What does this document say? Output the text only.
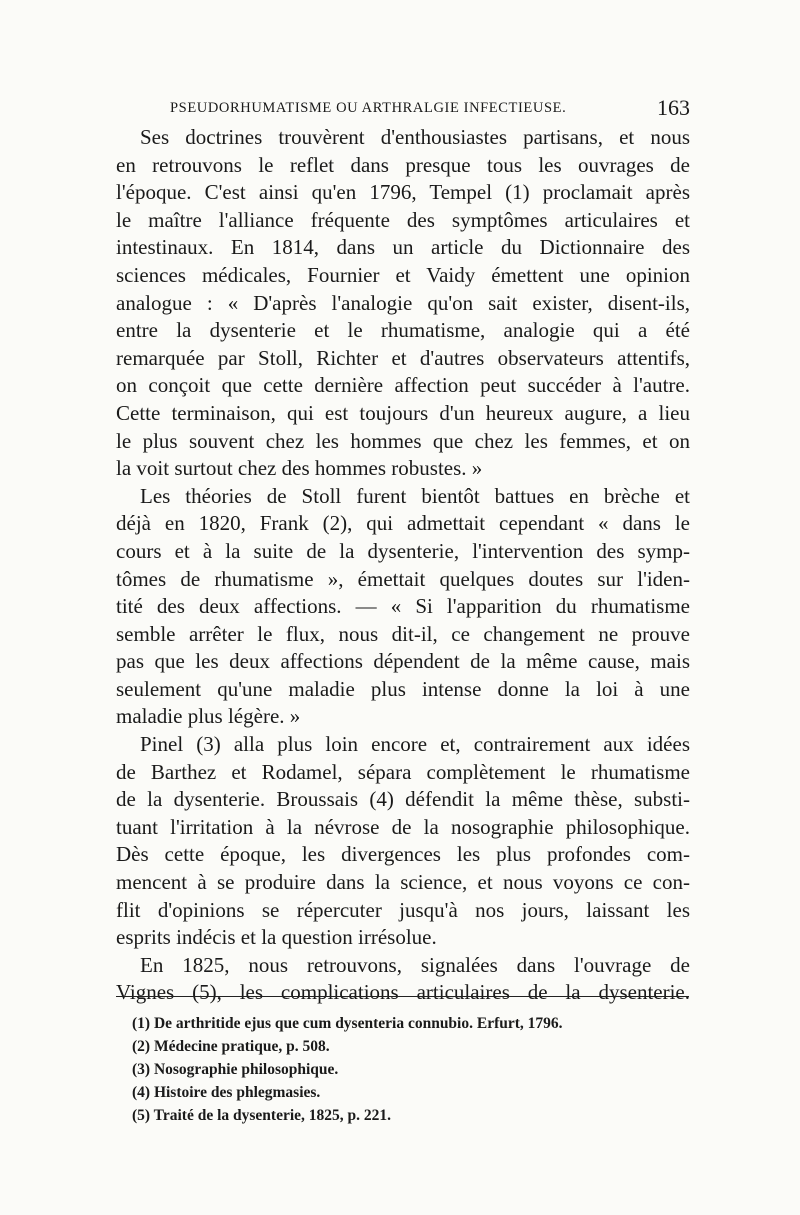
PSEUDORHUMATISME OU ARTHRALGIE INFECTIEUSE.	163
Ses doctrines trouvèrent d'enthousiastes partisans, et nous
en retrouvons le reflet dans presque tous les ouvrages de
l'époque. C'est ainsi qu'en 1796, Tempel (1) proclamait après
le maître l'alliance fréquente des symptômes articulaires et
intestinaux. En 1814, dans un article du Dictionnaire des
sciences médicales, Fournier et Vaidy émettent une opinion
analogue : « D'après l'analogie qu'on sait exister, disent-ils,
entre la dysenterie et le rhumatisme, analogie qui a été
remarquée par Stoll, Richter et d'autres observateurs attentifs,
on conçoit que cette dernière affection peut succéder à l'autre.
Cette terminaison, qui est toujours d'un heureux augure, a lieu
le plus souvent chez les hommes que chez les femmes, et on
la voit surtout chez des hommes robustes. »
Les théories de Stoll furent bientôt battues en brèche et
déjà en 1820, Frank (2), qui admettait cependant « dans le
cours et à la suite de la dysenterie, l'intervention des symp-
tômes de rhumatisme », émettait quelques doutes sur l'iden-
tité des deux affections. — « Si l'apparition du rhumatisme
semble arrêter le flux, nous dit-il, ce changement ne prouve
pas que les deux affections dépendent de la même cause, mais
seulement qu'une maladie plus intense donne la loi à une
maladie plus légère. »
Pinel (3) alla plus loin encore et, contrairement aux idées
de Barthez et Rodamel, sépara complètement le rhumatisme
de la dysenterie. Broussais (4) défendit la même thèse, substi-
tuant l'irritation à la névrose de la nosographie philosophique.
Dès cette époque, les divergences les plus profondes com-
mencent à se produire dans la science, et nous voyons ce con-
flit d'opinions se répercuter jusqu'à nos jours, laissant les
esprits indécis et la question irrésolue.
En 1825, nous retrouvons, signalées dans l'ouvrage de
Vignes (5), les complications articulaires de la dysenterie.
(1) De arthritide ejus que cum dysenteria connubio. Erfurt, 1796.
(2) Médecine pratique, p. 508.
(3) Nosographie philosophique.
(4) Histoire des phlegmasies.
(5) Traité de la dysenterie, 1825, p. 221.
